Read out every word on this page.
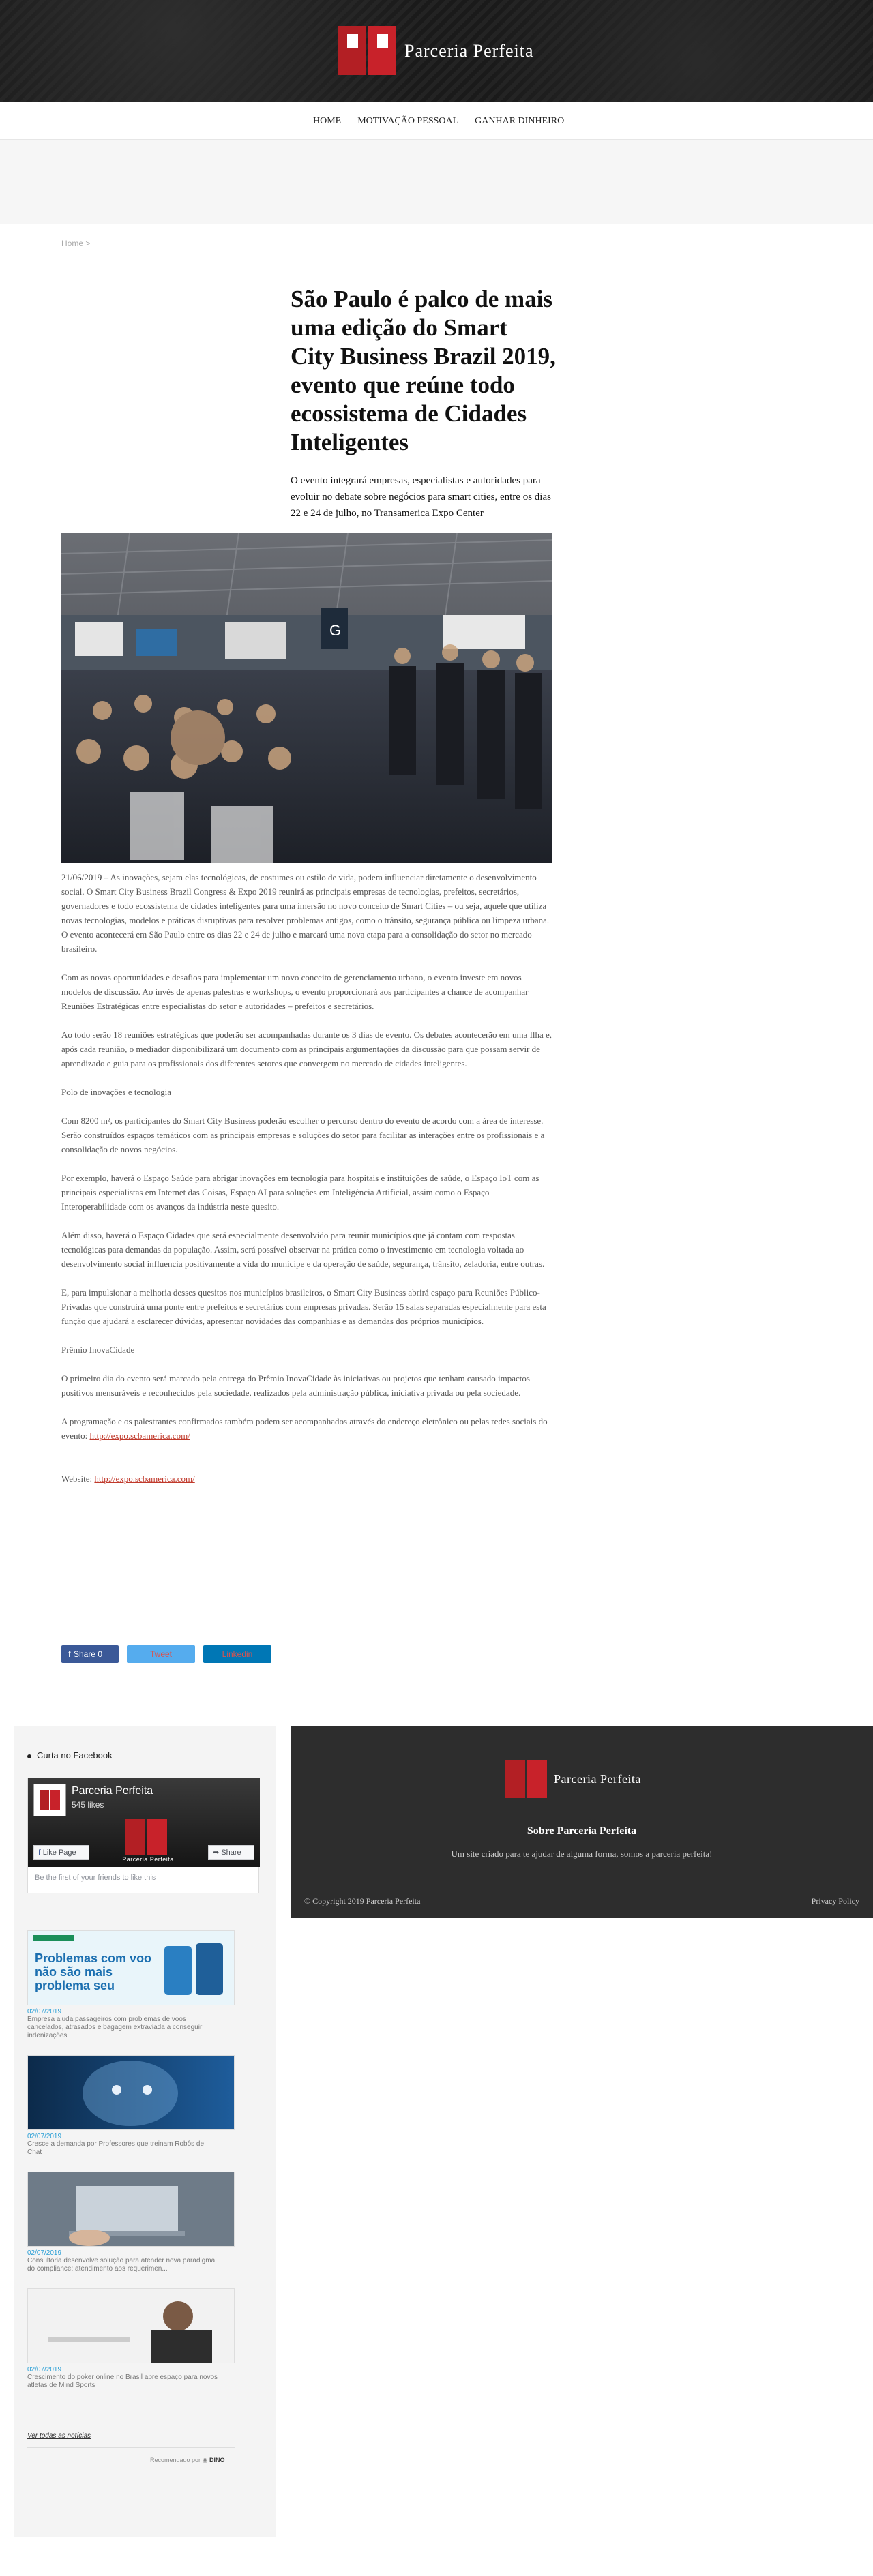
Parceria Perfeita
HOME	MOTIVAÇÃO PESSOAL	GANHAR DINHEIRO
Home >
São Paulo é palco de mais uma edição do Smart City Business Brazil 2019, evento que reúne todo ecossistema de Cidades Inteligentes

O evento integrará empresas, especialistas e autoridades para evoluir no debate sobre negócios para smart cities, entre os dias 22 e 24 de julho, no Transamerica Expo Center

G

21/06/2019 – As inovações, sejam elas tecnológicas, de costumes ou estilo de vida, podem influenciar diretamente o desenvolvimento social. O Smart City Business Brazil Congress & Expo 2019 reunirá as principais empresas de tecnologias, prefeitos, secretários, governadores e todo ecossistema de cidades inteligentes para uma imersão no novo conceito de Smart Cities – ou seja, aquele que utiliza novas tecnologias, modelos e práticas disruptivas para resolver problemas antigos, como o trânsito, segurança pública ou limpeza urbana. O evento acontecerá em São Paulo entre os dias 22 e 24 de julho e marcará uma nova etapa para a consolidação do setor no mercado brasileiro.

Com as novas oportunidades e desafios para implementar um novo conceito de gerenciamento urbano, o evento investe em novos modelos de discussão. Ao invés de apenas palestras e workshops, o evento proporcionará aos participantes a chance de acompanhar Reuniões Estratégicas entre especialistas do setor e autoridades – prefeitos e secretários.

Ao todo serão 18 reuniões estratégicas que poderão ser acompanhadas durante os 3 dias de evento. Os debates acontecerão em uma Ilha e, após cada reunião, o mediador disponibilizará um documento com as principais argumentações da discussão para que possam servir de aprendizado e guia para os profissionais dos diferentes setores que convergem no mercado de cidades inteligentes.

Polo de inovações e tecnologia

Com 8200 m², os participantes do Smart City Business poderão escolher o percurso dentro do evento de acordo com a área de interesse. Serão construídos espaços temáticos com as principais empresas e soluções do setor para facilitar as interações entre os profissionais e a consolidação de novos negócios.

Por exemplo, haverá o Espaço Saúde para abrigar inovações em tecnologia para hospitais e instituições de saúde, o Espaço IoT com as principais especialistas em Internet das Coisas, Espaço AI para soluções em Inteligência Artificial, assim como o Espaço Interoperabilidade com os avanços da indústria neste quesito.

Além disso, haverá o Espaço Cidades que será especialmente desenvolvido para reunir municípios que já contam com respostas tecnológicas para demandas da população. Assim, será possível observar na prática como o investimento em tecnologia voltada ao desenvolvimento social influencia positivamente a vida do munícipe e da operação de saúde, segurança, trânsito, zeladoria, entre outras.

E, para impulsionar a melhoria desses quesitos nos municípios brasileiros, o Smart City Business abrirá espaço para Reuniões Público-Privadas que construirá uma ponte entre prefeitos e secretários com empresas privadas. Serão 15 salas separadas especialmente para esta função que ajudará a esclarecer dúvidas, apresentar novidades das companhias e as demandas dos próprios municípios.

Prêmio InovaCidade

O primeiro dia do evento será marcado pela entrega do Prêmio InovaCidade às iniciativas ou projetos que tenham causado impactos positivos mensuráveis e reconhecidos pela sociedade, realizados pela administração pública, iniciativa privada ou pela sociedade.

A programação e os palestrantes confirmados também podem ser acompanhados através do endereço eletrônico ou pelas redes sociais do evento: http://expo.scbamerica.com/

Website: http://expo.scbamerica.com/

f Share 0	Tweet	Linkedin
Curta no Facebook
Parceria Perfeita
545 likes
Parceria Perfeita
f Like Page	➦ Share
Be the first of your friends to like this
Problemas com voo não são mais problema seu
02/07/2019
Empresa ajuda passageiros com problemas de voos cancelados, atrasados e bagagem extraviada a conseguir indenizações
02/07/2019
Cresce a demanda por Professores que treinam Robôs de Chat
02/07/2019
Consultoria desenvolve solução para atender nova paradigma do compliance: atendimento aos requerimen...
02/07/2019
Crescimento do poker online no Brasil abre espaço para novos atletas de Mind Sports
Ver todas as notícias
Recomendado por ◉ DINO
Parceria Perfeita
Sobre Parceria Perfeita
Um site criado para te ajudar de alguma forma, somos a parceria perfeita!
© Copyright 2019 Parceria Perfeita	Privacy Policy
